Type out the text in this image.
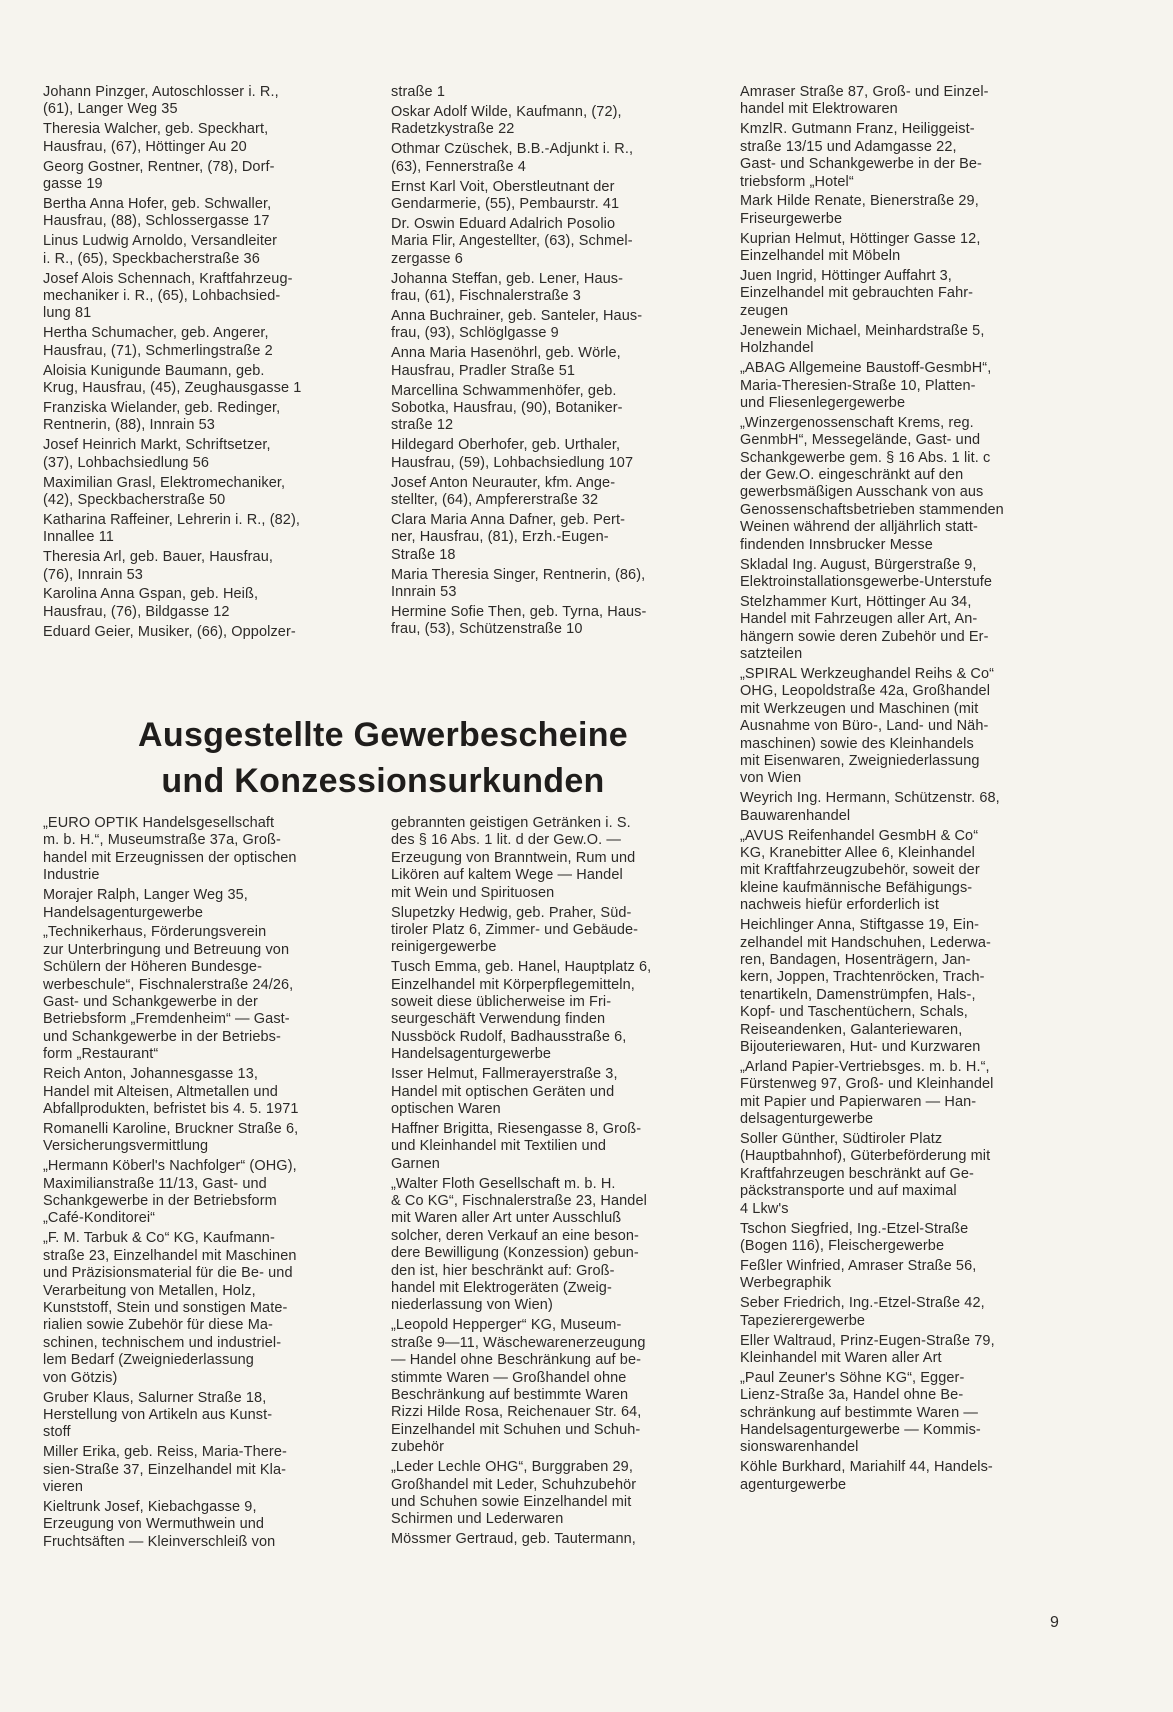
Johann Pinzger, Autoschlosser i. R.,
(61), Langer Weg 35
Theresia Walcher, geb. Speckhart,
Hausfrau, (67), Höttinger Au 20
Georg Gostner, Rentner, (78), Dorf-
gasse 19
Bertha Anna Hofer, geb. Schwaller,
Hausfrau, (88), Schlossergasse 17
Linus Ludwig Arnoldo, Versandleiter
i. R., (65), Speckbacherstraße 36
Josef Alois Schennach, Kraftfahrzeug-
mechaniker i. R., (65), Lohbachsied-
lung 81
Hertha Schumacher, geb. Angerer,
Hausfrau, (71), Schmerlingstraße 2
Aloisia Kunigunde Baumann, geb.
Krug, Hausfrau, (45), Zeughausgasse 1
Franziska Wielander, geb. Redinger,
Rentnerin, (88), Innrain 53
Josef Heinrich Markt, Schriftsetzer,
(37), Lohbachsiedlung 56
Maximilian Grasl, Elektromechaniker,
(42), Speckbacherstraße 50
Katharina Raffeiner, Lehrerin i. R., (82),
Innallee 11
Theresia Arl, geb. Bauer, Hausfrau,
(76), Innrain 53
Karolina Anna Gspan, geb. Heiß,
Hausfrau, (76), Bildgasse 12
Eduard Geier, Musiker, (66), Oppolzer-
straße 1
Oskar Adolf Wilde, Kaufmann, (72),
Radetzkystraße 22
Othmar Czüschek, B.B.-Adjunkt i. R.,
(63), Fennerstraße 4
Ernst Karl Voit, Oberstleutnant der
Gendarmerie, (55), Pembaurstr. 41
Dr. Oswin Eduard Adalrich Posolio
Maria Flir, Angestellter, (63), Schmel-
zergasse 6
Johanna Steffan, geb. Lener, Haus-
frau, (61), Fischnalerstraße 3
Anna Buchrainer, geb. Santeler, Haus-
frau, (93), Schlöglgasse 9
Anna Maria Hasenöhrl, geb. Wörle,
Hausfrau, Pradler Straße 51
Marcellina Schwammenhöfer, geb.
Sobotka, Hausfrau, (90), Botaniker-
straße 12
Hildegard Oberhofer, geb. Urthaler,
Hausfrau, (59), Lohbachsiedlung 107
Josef Anton Neurauter, kfm. Ange-
stellter, (64), Ampfererstraße 32
Clara Maria Anna Dafner, geb. Pert-
ner, Hausfrau, (81), Erzh.-Eugen-
Straße 18
Maria Theresia Singer, Rentnerin, (86),
Innrain 53
Hermine Sofie Then, geb. Tyrna, Haus-
frau, (53), Schützenstraße 10
Amraser Straße 87, Groß- und Einzel-
handel mit Elektrowaren
KmzlR. Gutmann Franz, Heiliggeist-
straße 13/15 und Adamgasse 22,
Gast- und Schankgewerbe in der Be-
triebsform „Hotel“
Mark Hilde Renate, Bienerstraße 29,
Friseurgewerbe
Kuprian Helmut, Höttinger Gasse 12,
Einzelhandel mit Möbeln
Juen Ingrid, Höttinger Auffahrt 3,
Einzelhandel mit gebrauchten Fahr-
zeugen
Jenewein Michael, Meinhardstraße 5,
Holzhandel
„ABAG Allgemeine Baustoff-GesmbH“,
Maria-Theresien-Straße 10, Platten-
und Fliesenlegergewerbe
„Winzergenossenschaft Krems, reg.
GenmbH“, Messegelände, Gast- und
Schankgewerbe gem. § 16 Abs. 1 lit. c
der Gew.O. eingeschränkt auf den
gewerbsmäßigen Ausschank von aus
Genossenschaftsbetrieben stammenden
Weinen während der alljährlich statt-
findenden Innsbrucker Messe
Skladal Ing. August, Bürgerstraße 9,
Elektroinstallationsgewerbe-Unterstufe
Stelzhammer Kurt, Höttinger Au 34,
Handel mit Fahrzeugen aller Art, An-
hängern sowie deren Zubehör und Er-
satzteilen
„SPIRAL Werkzeughandel Reihs & Co“
OHG, Leopoldstraße 42a, Großhandel
mit Werkzeugen und Maschinen (mit
Ausnahme von Büro-, Land- und Näh-
maschinen) sowie des Kleinhandels
mit Eisenwaren, Zweigniederlassung
von Wien
Weyrich Ing. Hermann, Schützenstr. 68,
Bauwarenhandel
„AVUS Reifenhandel GesmbH & Co“
KG, Kranebitter Allee 6, Kleinhandel
mit Kraftfahrzeugzubehör, soweit der
kleine kaufmännische Befähigungs-
nachweis hiefür erforderlich ist
Heichlinger Anna, Stiftgasse 19, Ein-
zelhandel mit Handschuhen, Lederwa-
ren, Bandagen, Hosenträgern, Jan-
kern, Joppen, Trachtenröcken, Trach-
tenartikeln, Damenstrümpfen, Hals-,
Kopf- und Taschentüchern, Schals,
Reiseandenken, Galanteriewaren,
Bijouteriewaren, Hut- und Kurzwaren
„Arland Papier-Vertriebsges. m. b. H.“,
Fürstenweg 97, Groß- und Kleinhandel
mit Papier und Papierwaren — Han-
delsagenturgewerbe
Soller Günther, Südtiroler Platz
(Hauptbahnhof), Güterbeförderung mit
Kraftfahrzeugen beschränkt auf Ge-
päckstransporte und auf maximal
4 Lkw's
Tschon Siegfried, Ing.-Etzel-Straße
(Bogen 116), Fleischergewerbe
Feßler Winfried, Amraser Straße 56,
Werbegraphik
Seber Friedrich, Ing.-Etzel-Straße 42,
Tapezierergewerbe
Eller Waltraud, Prinz-Eugen-Straße 79,
Kleinhandel mit Waren aller Art
„Paul Zeuner's Söhne KG“, Egger-
Lienz-Straße 3a, Handel ohne Be-
schränkung auf bestimmte Waren —
Handelsagenturgewerbe — Kommis-
sionswarenhandel
Köhle Burkhard, Mariahilf 44, Handels-
agenturgewerbe
Ausgestellte Gewerbescheine
und Konzessionsurkunden
„EURO OPTIK Handelsgesellschaft
m. b. H.“, Museumstraße 37a, Groß-
handel mit Erzeugnissen der optischen
Industrie
Morajer Ralph, Langer Weg 35,
Handelsagenturgewerbe
„Technikerhaus, Förderungsverein
zur Unterbringung und Betreuung von
Schülern der Höheren Bundesge-
werbeschule“, Fischnalerstraße 24/26,
Gast- und Schankgewerbe in der
Betriebsform „Fremdenheim“ — Gast-
und Schankgewerbe in der Betriebs-
form „Restaurant“
Reich Anton, Johannesgasse 13,
Handel mit Alteisen, Altmetallen und
Abfallprodukten, befristet bis 4. 5. 1971
Romanelli Karoline, Bruckner Straße 6,
Versicherungsvermittlung
„Hermann Köberl's Nachfolger“ (OHG),
Maximilianstraße 11/13, Gast- und
Schankgewerbe in der Betriebsform
„Café-Konditorei“
„F. M. Tarbuk & Co“ KG, Kaufmann-
straße 23, Einzelhandel mit Maschinen
und Präzisionsmaterial für die Be- und
Verarbeitung von Metallen, Holz,
Kunststoff, Stein und sonstigen Mate-
rialien sowie Zubehör für diese Ma-
schinen, technischem und industriel-
lem Bedarf (Zweigniederlassung
von Götzis)
Gruber Klaus, Salurner Straße 18,
Herstellung von Artikeln aus Kunst-
stoff
Miller Erika, geb. Reiss, Maria-There-
sien-Straße 37, Einzelhandel mit Kla-
vieren
Kieltrunk Josef, Kiebachgasse 9,
Erzeugung von Wermuthwein und
Fruchtsäften — Kleinverschleiß von
gebrannten geistigen Getränken i. S.
des § 16 Abs. 1 lit. d der Gew.O. —
Erzeugung von Branntwein, Rum und
Likören auf kaltem Wege — Handel
mit Wein und Spirituosen
Slupetzky Hedwig, geb. Praher, Süd-
tiroler Platz 6, Zimmer- und Gebäude-
reinigergewerbe
Tusch Emma, geb. Hanel, Hauptplatz 6,
Einzelhandel mit Körperpflegemitteln,
soweit diese üblicherweise im Fri-
seurgeschäft Verwendung finden
Nussböck Rudolf, Badhausstraße 6,
Handelsagenturgewerbe
Isser Helmut, Fallmerayerstraße 3,
Handel mit optischen Geräten und
optischen Waren
Haffner Brigitta, Riesengasse 8, Groß-
und Kleinhandel mit Textilien und
Garnen
„Walter Floth Gesellschaft m. b. H.
& Co KG“, Fischnalerstraße 23, Handel
mit Waren aller Art unter Ausschluß
solcher, deren Verkauf an eine beson-
dere Bewilligung (Konzession) gebun-
den ist, hier beschränkt auf: Groß-
handel mit Elektrogeräten (Zweig-
niederlassung von Wien)
„Leopold Hepperger“ KG, Museum-
straße 9—11, Wäschewarenerzeugung
— Handel ohne Beschränkung auf be-
stimmte Waren — Großhandel ohne
Beschränkung auf bestimmte Waren
Rizzi Hilde Rosa, Reichenauer Str. 64,
Einzelhandel mit Schuhen und Schuh-
zubehör
„Leder Lechle OHG“, Burggraben 29,
Großhandel mit Leder, Schuhzubehör
und Schuhen sowie Einzelhandel mit
Schirmen und Lederwaren
Mössmer Gertraud, geb. Tautermann,
9
